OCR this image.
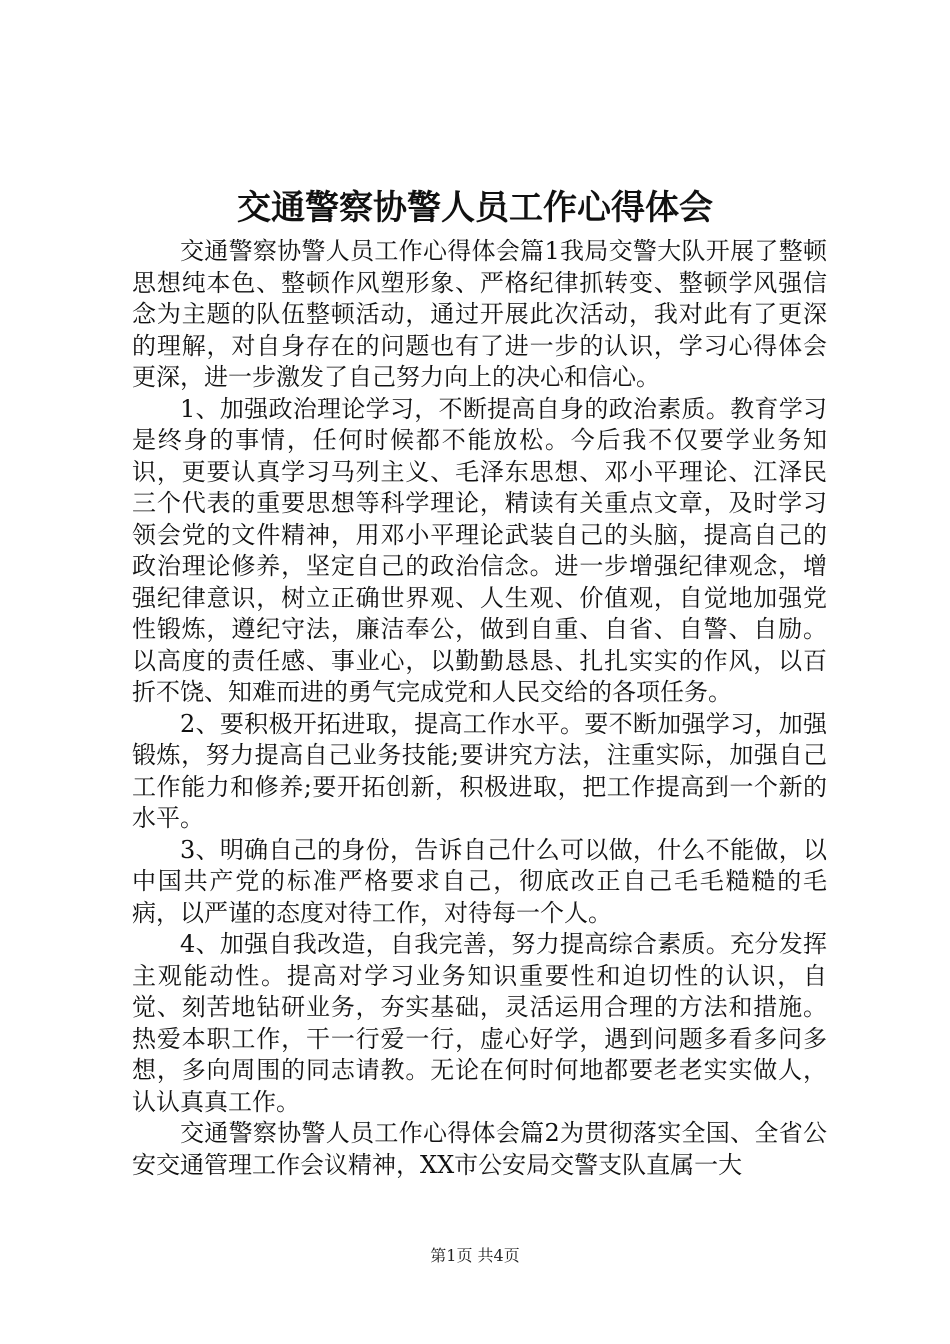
交通警察协警人员工作心得体会

交通警察协警人员工作心得体会篇1我局交警大队开展了整顿思想纯本色、整顿作风塑形象、严格纪律抓转变、整顿学风强信念为主题的队伍整顿活动，通过开展此次活动，我对此有了更深的理解，对自身存在的问题也有了进一步的认识，学习心得体会更深，进一步激发了自己努力向上的决心和信心。

1、加强政治理论学习，不断提高自身的政治素质。教育学习是终身的事情，任何时候都不能放松。今后我不仅要学业务知识，更要认真学习马列主义、毛泽东思想、邓小平理论、江泽民三个代表的重要思想等科学理论，精读有关重点文章，及时学习领会党的文件精神，用邓小平理论武装自己的头脑，提高自己的政治理论修养，坚定自己的政治信念。进一步增强纪律观念，增强纪律意识，树立正确世界观、人生观、价值观，自觉地加强党性锻炼，遵纪守法，廉洁奉公，做到自重、自省、自警、自励。以高度的责任感、事业心，以勤勤恳恳、扎扎实实的作风，以百折不饶、知难而进的勇气完成党和人民交给的各项任务。

2、要积极开拓进取，提高工作水平。要不断加强学习，加强锻炼，努力提高自己业务技能;要讲究方法，注重实际，加强自己工作能力和修养;要开拓创新，积极进取，把工作提高到一个新的水平。

3、明确自己的身份，告诉自己什么可以做，什么不能做，以中国共产党的标准严格要求自己，彻底改正自己毛毛糙糙的毛病，以严谨的态度对待工作，对待每一个人。

4、加强自我改造，自我完善，努力提高综合素质。充分发挥主观能动性。提高对学习业务知识重要性和迫切性的认识，自觉、刻苦地钻研业务，夯实基础，灵活运用合理的方法和措施。热爱本职工作，干一行爱一行，虚心好学，遇到问题多看多问多想，多向周围的同志请教。无论在何时何地都要老老实实做人，认认真真工作。

交通警察协警人员工作心得体会篇2为贯彻落实全国、全省公安交通管理工作会议精神，XX市公安局交警支队直属一大

第1页 共4页
